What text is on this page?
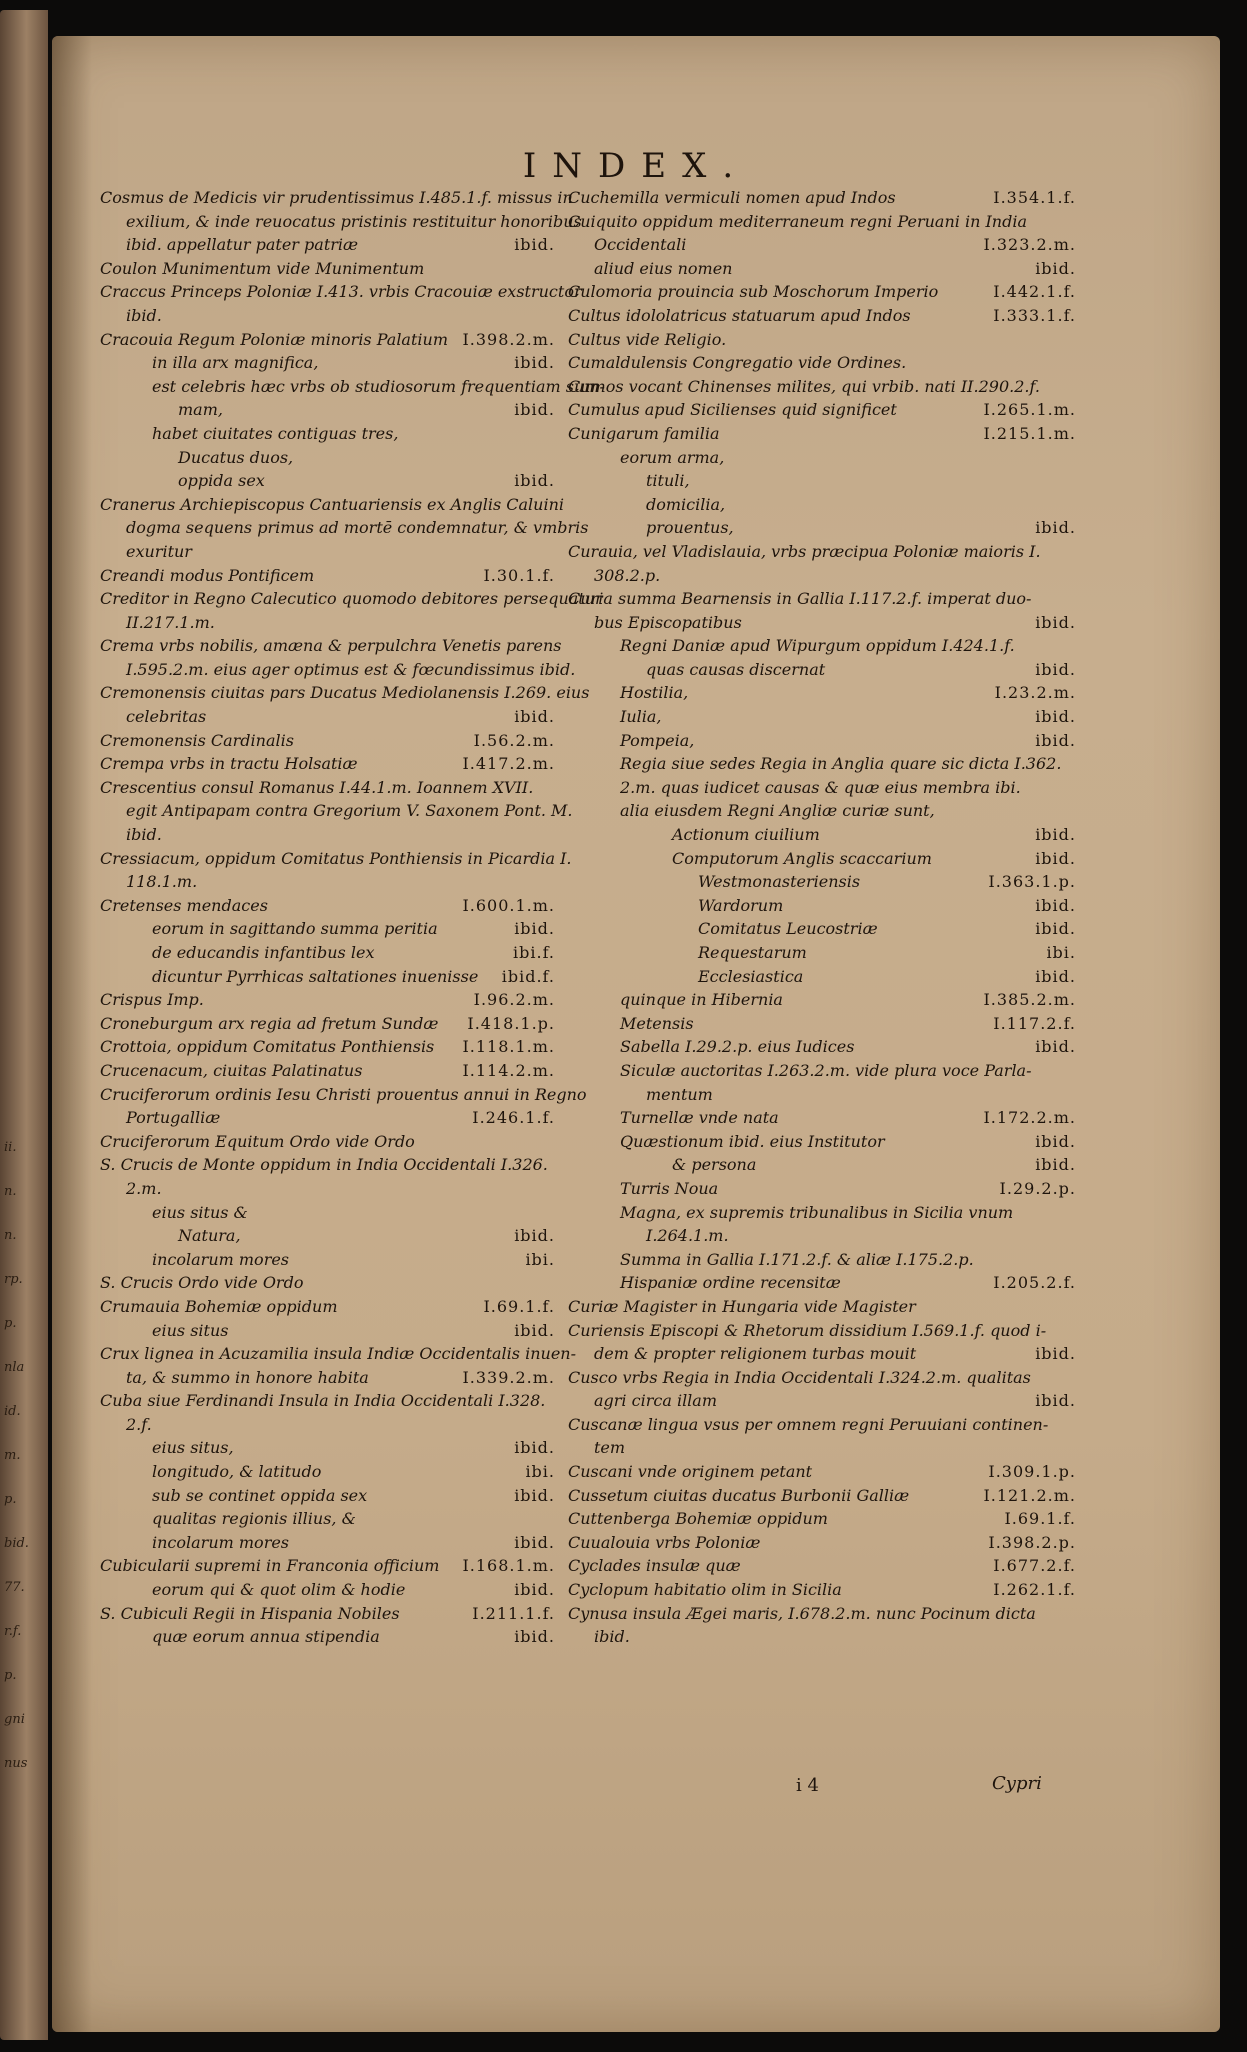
ii.
n.
n.
rp.
p.
nla
id.
m.
p.
bid.
77.
r.f.
p.
gni
nus
INDEX.
Cosmus de Medicis vir prudentissimus I.485.1.f. missus in
exilium, & inde reuocatus pristinis restituitur honoribus
ibid. appellatur pater patriæ	ibid.
Coulon Munimentum vide Munimentum
Craccus Princeps Poloniæ I.413. vrbis Cracouiæ exstructor
ibid.
Cracouia Regum Poloniæ minoris Palatium I.398.2.m.
in illa arx magnifica,	ibid.
est celebris hæc vrbs ob studiosorum frequentiam sum-
mam,	ibid.
habet ciuitates contiguas tres,
Ducatus duos,
oppida sex	ibid.
Cranerus Archiepiscopus Cantuariensis ex Anglis Caluini
dogma sequens primus ad mortē condemnatur, & vmbris
exuritur
Creandi modus Pontificem	I.30.1.f.
Creditor in Regno Calecutico quomodo debitores persequatur
II.217.1.m.
Crema vrbs nobilis, amæna & perpulchra Venetis parens
I.595.2.m. eius ager optimus est & fœcundissimus ibid.
Cremonensis ciuitas pars Ducatus Mediolanensis I.269. eius
celebritas	ibid.
Cremonensis Cardinalis	I.56.2.m.
Crempa vrbs in tractu Holsatiæ	I.417.2.m.
Crescentius consul Romanus I.44.1.m. Ioannem XVII.
egit Antipapam contra Gregorium V. Saxonem Pont. M.
ibid.
Cressiacum, oppidum Comitatus Ponthiensis in Picardia I.
118.1.m.
Cretenses mendaces	I.600.1.m.
eorum in sagittando summa peritia	ibid.
de educandis infantibus lex	ibi.f.
dicuntur Pyrrhicas saltationes inuenisse ibid.f.
Crispus Imp.	I.96.2.m.
Croneburgum arx regia ad fretum Sundæ I.418.1.p.
Crottoia, oppidum Comitatus Ponthiensis I.118.1.m.
Crucenacum, ciuitas Palatinatus	I.114.2.m.
Cruciferorum ordinis Iesu Christi prouentus annui in Regno
Portugalliæ	I.246.1.f.
Cruciferorum Equitum Ordo vide Ordo
S. Crucis de Monte oppidum in India Occidentali I.326.
2.m.
eius situs &
Natura,	ibid.
incolarum mores	ibi.
S. Crucis Ordo vide Ordo
Crumauia Bohemiæ oppidum	I.69.1.f.
eius situs	ibid.
Crux lignea in Acuzamilia insula Indiæ Occidentalis inuen-
ta, & summo in honore habita	I.339.2.m.
Cuba siue Ferdinandi Insula in India Occidentali I.328.
2.f.
eius situs,	ibid.
longitudo, & latitudo	ibi.
sub se continet oppida sex	ibid.
qualitas regionis illius, &
incolarum mores	ibid.
Cubicularii supremi in Franconia officium I.168.1.m.
eorum qui & quot olim & hodie	ibid.
S. Cubiculi Regii in Hispania Nobiles	I.211.1.f.
quæ eorum annua stipendia	ibid.
Cuchemilla vermiculi nomen apud Indos	I.354.1.f.
Cuiquito oppidum mediterraneum regni Peruani in India
Occidentali	I.323.2.m.
aliud eius nomen	ibid.
Culomoria prouincia sub Moschorum Imperio	I.442.1.f.
Cultus idololatricus statuarum apud Indos	I.333.1.f.
Cultus vide Religio.
Cumaldulensis Congregatio vide Ordines.
Cumos vocant Chinenses milites, qui vrbib. nati II.290.2.f.
Cumulus apud Sicilienses quid significet	I.265.1.m.
Cunigarum familia	I.215.1.m.
eorum arma,
tituli,
domicilia,
prouentus,	ibid.
Curauia, vel Vladislauia, vrbs præcipua Poloniæ maioris I.
308.2.p.
Curia summa Bearnensis in Gallia I.117.2.f. imperat duo-
bus Episcopatibus	ibid.
Regni Daniæ apud Wipurgum oppidum I.424.1.f.
quas causas discernat	ibid.
Hostilia,	I.23.2.m.
Iulia,	ibid.
Pompeia,	ibid.
Regia siue sedes Regia in Anglia quare sic dicta I.362.
2.m. quas iudicet causas & quæ eius membra ibi.
alia eiusdem Regni Angliæ curiæ sunt,
Actionum ciuilium	ibid.
Computorum Anglis scaccarium	ibid.
Westmonasteriensis	I.363.1.p.
Wardorum	ibid.
Comitatus Leucostriæ	ibid.
Requestarum	ibi.
Ecclesiastica	ibid.
quinque in Hibernia	I.385.2.m.
Metensis	I.117.2.f.
Sabella I.29.2.p. eius Iudices	ibid.
Siculæ auctoritas I.263.2.m. vide plura voce Parla-
mentum
Turnellæ vnde nata	I.172.2.m.
Quæstionum ibid. eius Institutor	ibid.
& persona	ibid.
Turris Noua	I.29.2.p.
Magna, ex supremis tribunalibus in Sicilia vnum
I.264.1.m.
Summa in Gallia I.171.2.f. & aliæ I.175.2.p.
Hispaniæ ordine recensitæ	I.205.2.f.
Curiæ Magister in Hungaria vide Magister
Curiensis Episcopi & Rhetorum dissidium I.569.1.f. quod i-
dem & propter religionem turbas mouit	ibid.
Cusco vrbs Regia in India Occidentali I.324.2.m. qualitas
agri circa illam	ibid.
Cuscanæ lingua vsus per omnem regni Peruuiani continen-
tem
Cuscani vnde originem petant	I.309.1.p.
Cussetum ciuitas ducatus Burbonii Galliæ	I.121.2.m.
Cuttenberga Bohemiæ oppidum	I.69.1.f.
Cuualouia vrbs Poloniæ	I.398.2.p.
Cyclades insulæ quæ	I.677.2.f.
Cyclopum habitatio olim in Sicilia	I.262.1.f.
Cynusa insula Ægei maris, I.678.2.m. nunc Pocinum dicta
ibid.
i 4	Cypri
